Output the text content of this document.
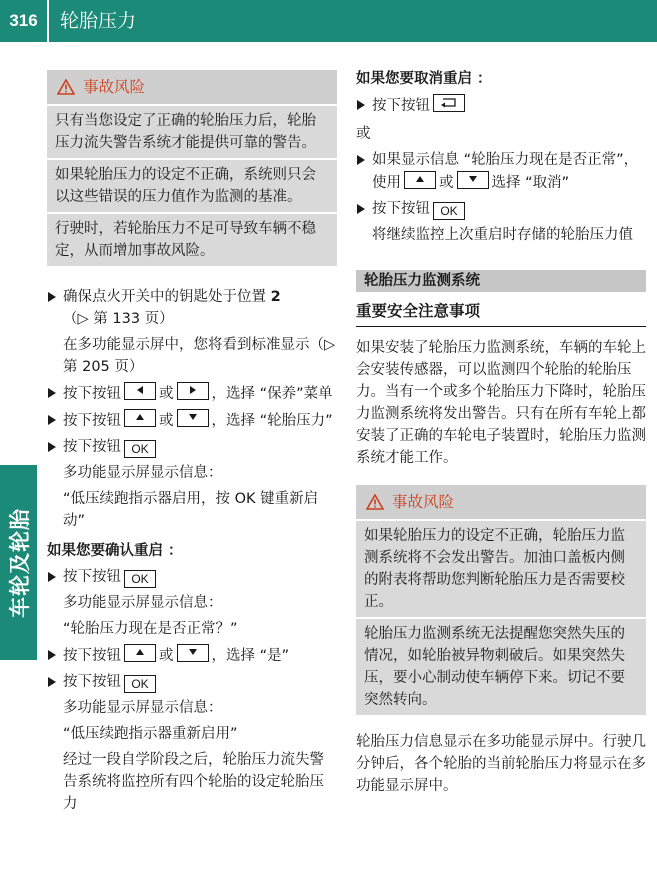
316	轮胎压力
车轮及轮胎
事故风险
只有当您设定了正确的轮胎压力后，轮胎压力流失警告系统才能提供可靠的警告。
如果轮胎压力的设定不正确，系统则只会以这些错误的压力值作为监测的基准。
行驶时，若轮胎压力不足可导致车辆不稳定，从而增加事故风险。
确保点火开关中的钥匙处于位置 2
（▷ 第 133 页）
在多功能显示屏中，您将看到标准显示（▷ 第 205 页）
按下按钮	或	，选择 “保养”菜单
按下按钮	或	，选择 “轮胎压力”
按下按钮 OK
多功能显示屏显示信息：
“低压续跑指示器启用，按 OK 键重新启动”
如果您要确认重启 ：
按下按钮 OK
多功能显示屏显示信息：
“轮胎压力现在是否正常？”
按下按钮	或	，选择 “是”
按下按钮 OK
多功能显示屏显示信息：
“低压续跑指示器重新启用”
经过一段自学阶段之后，轮胎压力流失警告系统将监控所有四个轮胎的设定轮胎压力
如果您要取消重启 ：
按下按钮
或
如果显示信息 “轮胎压力现在是否正常”，使用	或	选择 “取消”
按下按钮 OK
将继续监控上次重启时存储的轮胎压力值
轮胎压力监测系统
重要安全注意事项
如果安装了轮胎压力监测系统，车辆的车轮上会安装传感器，可以监测四个轮胎的轮胎压力。当有一个或多个轮胎压力下降时，轮胎压力监测系统将发出警告。只有在所有车轮上都安装了正确的车轮电子装置时，轮胎压力监测系统才能工作。
事故风险
如果轮胎压力的设定不正确，轮胎压力监测系统将不会发出警告。加油口盖板内侧的附表将帮助您判断轮胎压力是否需要校正。
轮胎压力监测系统无法提醒您突然失压的情况，如轮胎被异物刺破后。如果突然失压，要小心制动使车辆停下来。切记不要突然转向。
轮胎压力信息显示在多功能显示屏中。行驶几分钟后，各个轮胎的当前轮胎压力将显示在多功能显示屏中。
